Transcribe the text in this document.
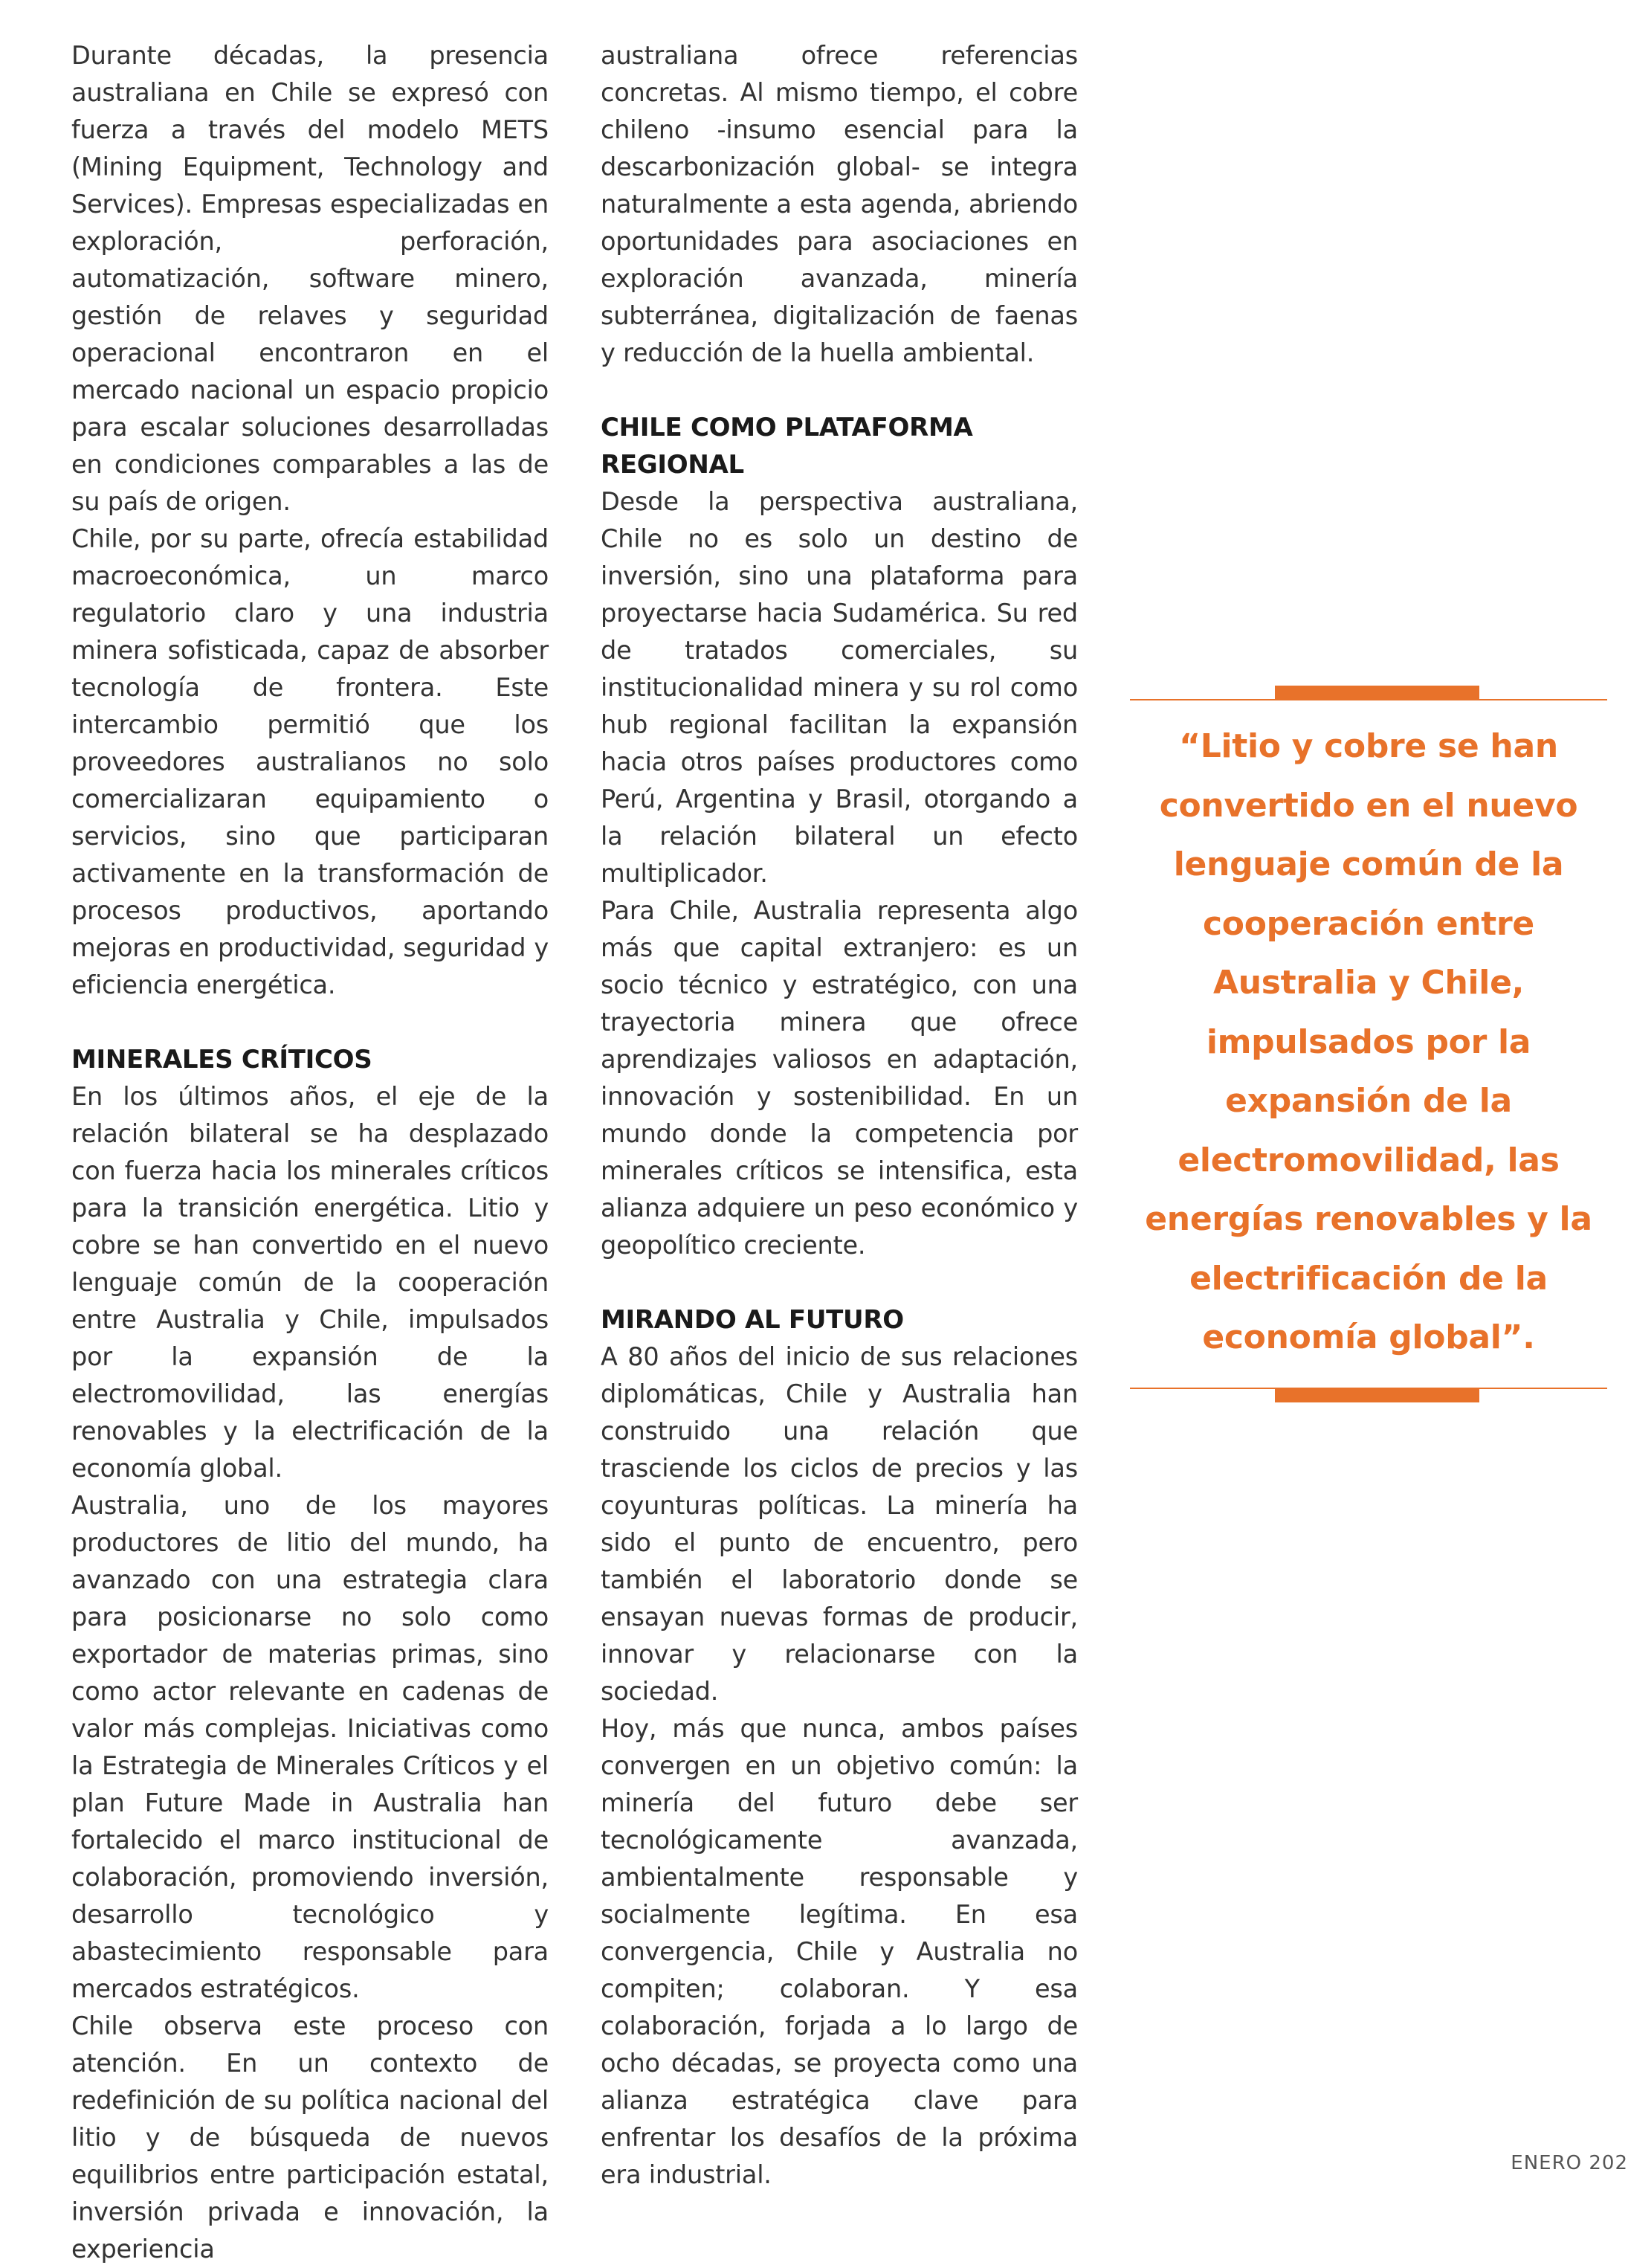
Durante décadas, la presencia australiana en Chile se expresó con fuerza a través del modelo METS (Mining Equipment, Technology and Services). Empresas especializadas en exploración, perforación, automatización, software minero, gestión de relaves y seguridad operacional encontraron en el mercado nacional un espacio propicio para escalar soluciones desarrolladas en condiciones comparables a las de su país de origen.

Chile, por su parte, ofrecía estabilidad macroeconómica, un marco regulatorio claro y una industria minera sofisticada, capaz de absorber tecnología de frontera. Este intercambio permitió que los proveedores australianos no solo comercializaran equipamiento o servicios, sino que participaran activamente en la transformación de procesos productivos, aportando mejoras en productividad, seguridad y eficiencia energética.

MINERALES CRÍTICOS

En los últimos años, el eje de la relación bilateral se ha desplazado con fuerza hacia los minerales críticos para la transición energética. Litio y cobre se han convertido en el nuevo lenguaje común de la cooperación entre Australia y Chile, impulsados por la expansión de la electromovilidad, las energías renovables y la electrificación de la economía global.

Australia, uno de los mayores productores de litio del mundo, ha avanzado con una estrategia clara para posicionarse no solo como exportador de materias primas, sino como actor relevante en cadenas de valor más complejas. Iniciativas como la Estrategia de Minerales Críticos y el plan Future Made in Australia han fortalecido el marco institucional de colaboración, promoviendo inversión, desarrollo tecnológico y abastecimiento responsable para mercados estratégicos.

Chile observa este proceso con atención. En un contexto de redefinición de su política nacional del litio y de búsqueda de nuevos equilibrios entre participación estatal, inversión privada e innovación, la experiencia

australiana ofrece referencias concretas. Al mismo tiempo, el cobre chileno -insumo esencial para la descarbonización global- se integra naturalmente a esta agenda, abriendo oportunidades para asociaciones en exploración avanzada, minería subterránea, digitalización de faenas y reducción de la huella ambiental.

CHILE COMO PLATAFORMA REGIONAL

Desde la perspectiva australiana, Chile no es solo un destino de inversión, sino una plataforma para proyectarse hacia Sudamérica. Su red de tratados comerciales, su institucionalidad minera y su rol como hub regional facilitan la expansión hacia otros países productores como Perú, Argentina y Brasil, otorgando a la relación bilateral un efecto multiplicador.

Para Chile, Australia representa algo más que capital extranjero: es un socio técnico y estratégico, con una trayectoria minera que ofrece aprendizajes valiosos en adaptación, innovación y sostenibilidad. En un mundo donde la competencia por minerales críticos se intensifica, esta alianza adquiere un peso económico y geopolítico creciente.

MIRANDO AL FUTURO

A 80 años del inicio de sus relaciones diplomáticas, Chile y Australia han construido una relación que trasciende los ciclos de precios y las coyunturas políticas. La minería ha sido el punto de encuentro, pero también el laboratorio donde se ensayan nuevas formas de producir, innovar y relacionarse con la sociedad.

Hoy, más que nunca, ambos países convergen en un objetivo común: la minería del futuro debe ser tecnológicamente avanzada, ambientalmente responsable y socialmente legítima. En esa convergencia, Chile y Australia no compiten; colaboran. Y esa colaboración, forjada a lo largo de ocho décadas, se proyecta como una alianza estratégica clave para enfrentar los desafíos de la próxima era industrial.

“Litio y cobre se han convertido en el nuevo lenguaje común de la cooperación entre Australia y Chile, impulsados por la expansión de la electromovilidad, las energías renovables y la electrificación de la economía global”.

ENERO 202
